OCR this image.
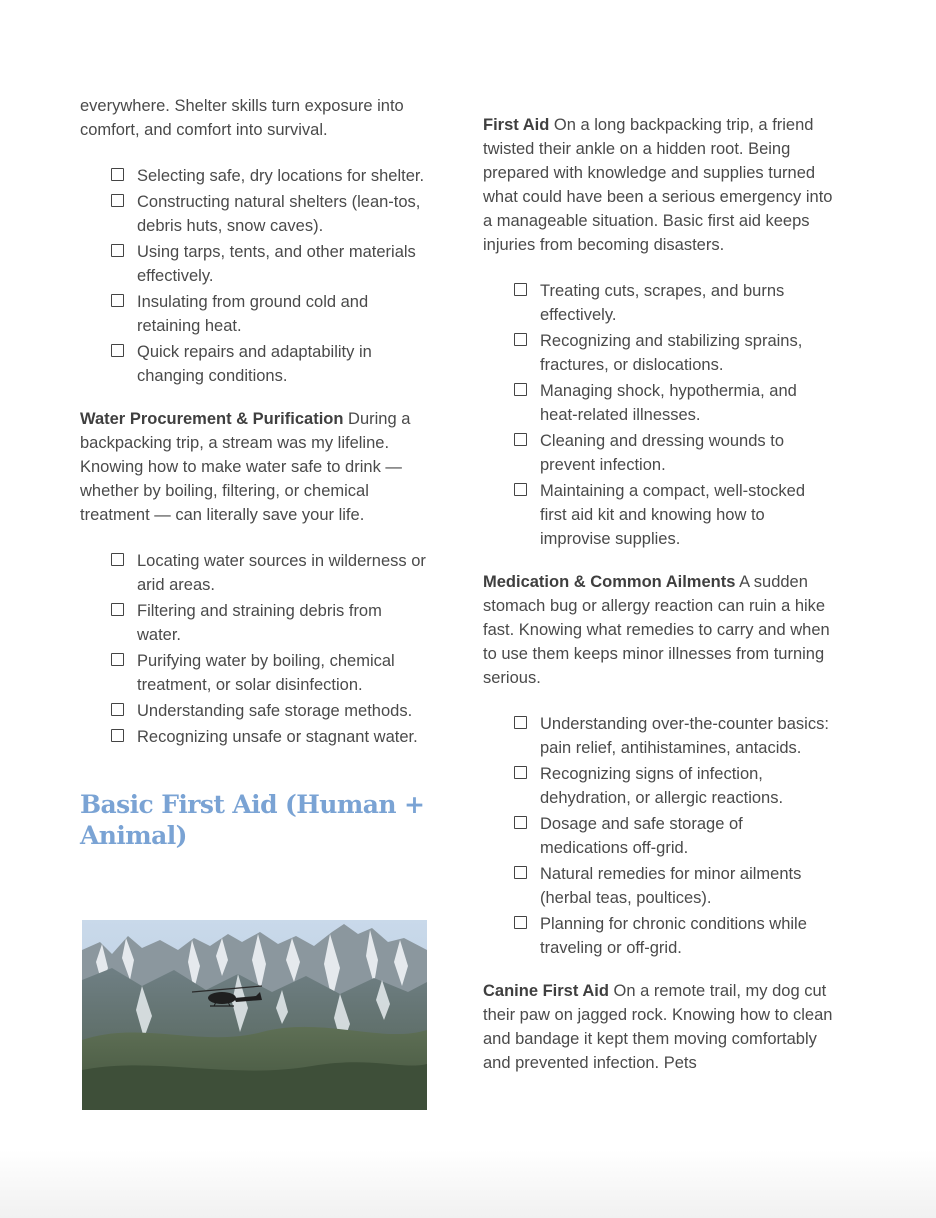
everywhere. Shelter skills turn exposure into comfort, and comfort into survival.

Selecting safe, dry locations for shelter.
Constructing natural shelters (lean-tos, debris huts, snow caves).
Using tarps, tents, and other materials effectively.
Insulating from ground cold and retaining heat.
Quick repairs and adaptability in changing conditions.

Water Procurement & Purification During a backpacking trip, a stream was my lifeline. Knowing how to make water safe to drink — whether by boiling, filtering, or chemical treatment — can literally save your life.

Locating water sources in wilderness or arid areas.
Filtering and straining debris from water.
Purifying water by boiling, chemical treatment, or solar disinfection.
Understanding safe storage methods.
Recognizing unsafe or stagnant water.
Basic First Aid (Human + Animal)

First Aid On a long backpacking trip, a friend twisted their ankle on a hidden root. Being prepared with knowledge and supplies turned what could have been a serious emergency into a manageable situation. Basic first aid keeps injuries from becoming disasters.

Treating cuts, scrapes, and burns effectively.
Recognizing and stabilizing sprains, fractures, or dislocations.
Managing shock, hypothermia, and heat-related illnesses.
Cleaning and dressing wounds to prevent infection.
Maintaining a compact, well-stocked first aid kit and knowing how to improvise supplies.

Medication & Common Ailments A sudden stomach bug or allergy reaction can ruin a hike fast. Knowing what remedies to carry and when to use them keeps minor illnesses from turning serious.

Understanding over-the-counter basics: pain relief, antihistamines, antacids.
Recognizing signs of infection, dehydration, or allergic reactions.
Dosage and safe storage of medications off-grid.
Natural remedies for minor ailments (herbal teas, poultices).
Planning for chronic conditions while traveling or off-grid.

Canine First Aid On a remote trail, my dog cut their paw on jagged rock. Knowing how to clean and bandage it kept them moving comfortably and prevented infection. Pets
